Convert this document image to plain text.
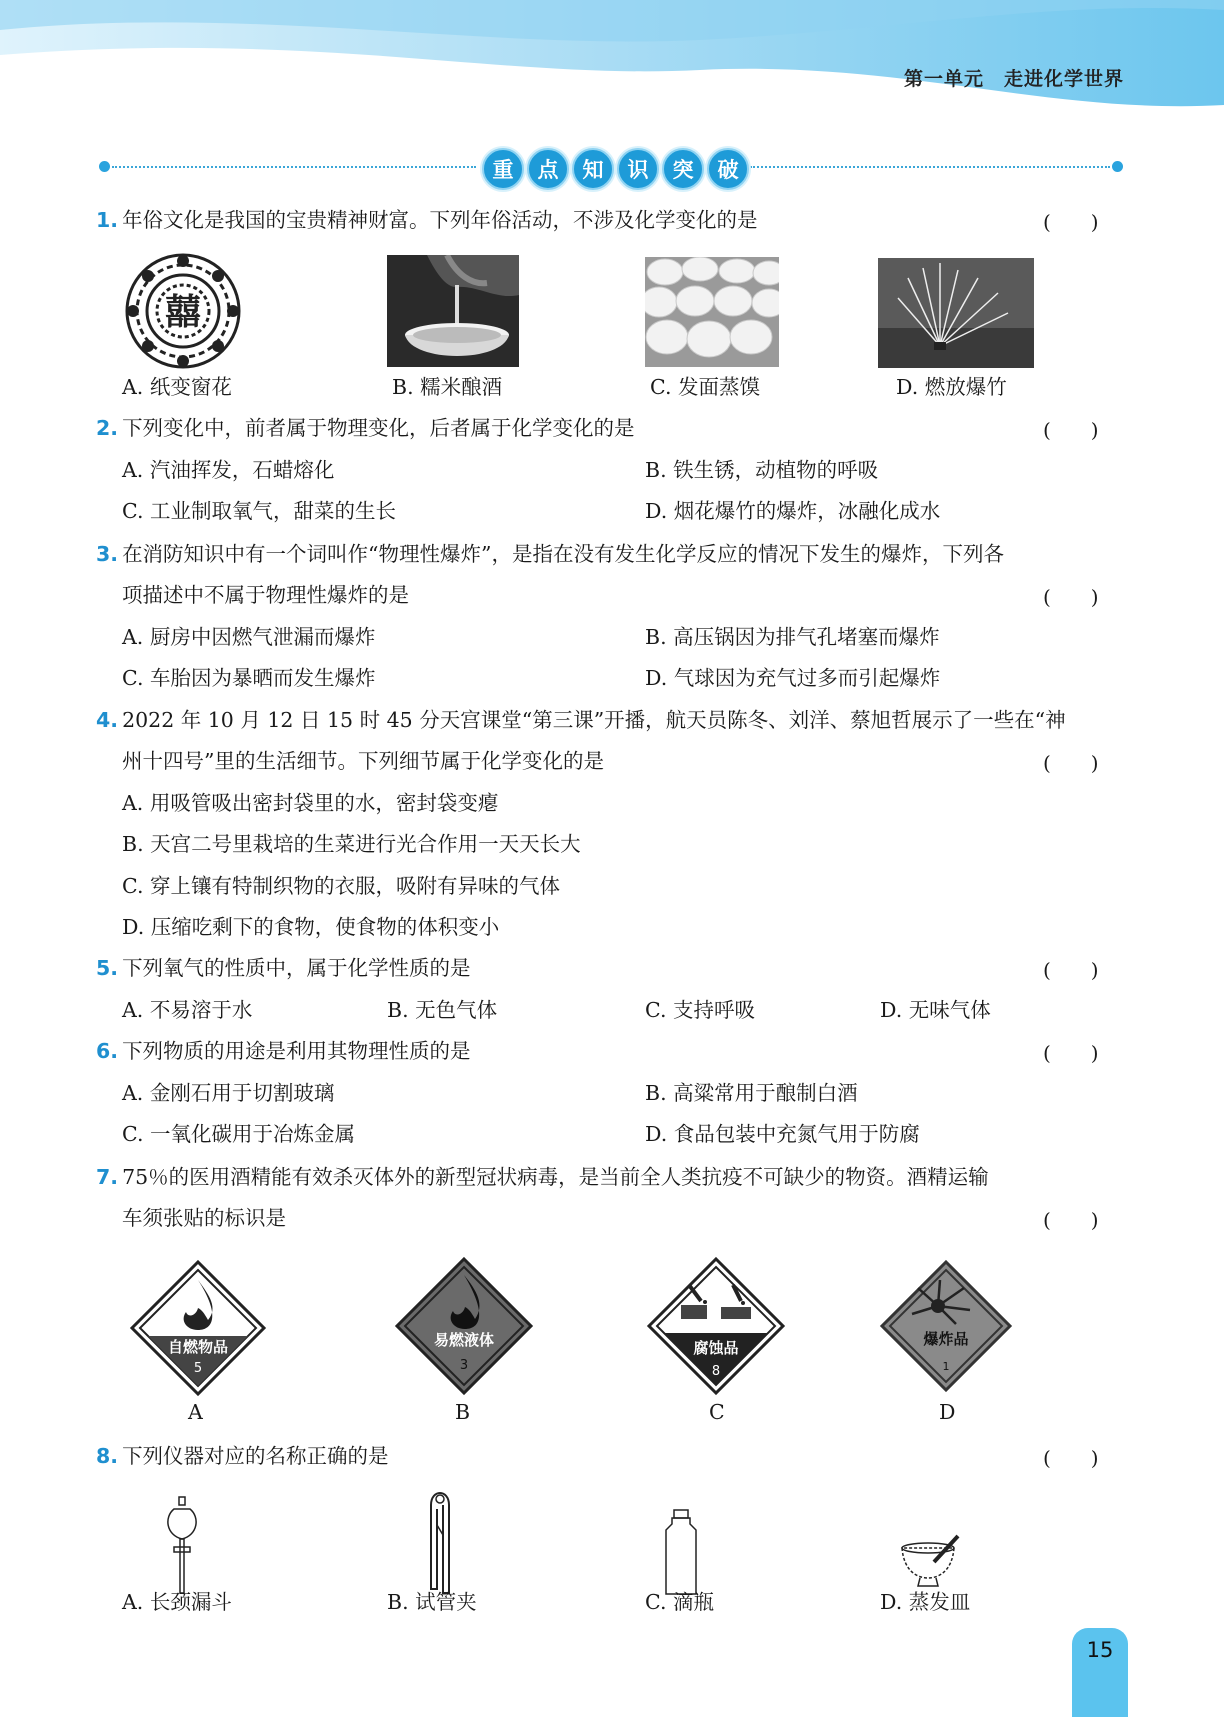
第一单元　 走进化学世界
重	点	知	识	突	破
1. 年俗文化是我国的宝贵精神财富。下列年俗活动，不涉及化学变化的是	(　　)
囍
A. 纸变窗花	B. 糯米酿酒	C. 发面蒸馍	D. 燃放爆竹
2. 下列变化中，前者属于物理变化，后者属于化学变化的是	(　　)
A. 汽油挥发，石蜡熔化	B. 铁生锈，动植物的呼吸
C. 工业制取氧气，甜菜的生长	D. 烟花爆竹的爆炸，冰融化成水
3. 在消防知识中有一个词叫作“物理性爆炸”，是指在没有发生化学反应的情况下发生的爆炸，下列各
项描述中不属于物理性爆炸的是	(　　)
A. 厨房中因燃气泄漏而爆炸	B. 高压锅因为排气孔堵塞而爆炸
C. 车胎因为暴晒而发生爆炸	D. 气球因为充气过多而引起爆炸
4. 2022 年 10 月 12 日 15 时 45 分天宫课堂“第三课”开播，航天员陈冬、刘洋、蔡旭哲展示了一些在“神
州十四号”里的生活细节。下列细节属于化学变化的是	(　　)
A. 用吸管吸出密封袋里的水，密封袋变瘪
B. 天宫二号里栽培的生菜进行光合作用一天天长大
C. 穿上镶有特制织物的衣服，吸附有异味的气体
D. 压缩吃剩下的食物，使食物的体积变小
5. 下列氧气的性质中，属于化学性质的是	(　　)
A. 不易溶于水	B. 无色气体	C. 支持呼吸	D. 无味气体
6. 下列物质的用途是利用其物理性质的是	(　　)
A. 金刚石用于切割玻璃	B. 高粱常用于酿制白酒
C. 一氧化碳用于冶炼金属	D. 食品包装中充氮气用于防腐
7. 75％的医用酒精能有效杀灭体外的新型冠状病毒，是当前全人类抗疫不可缺少的物资。酒精运输
车须张贴的标识是	(　　)
自燃物品
5
易燃液体
3
腐蚀品
8
爆炸品
1
A	B	C	D
8. 下列仪器对应的名称正确的是	(　　)
A. 长颈漏斗	B. 试管夹	C. 滴瓶	D. 蒸发皿
15
